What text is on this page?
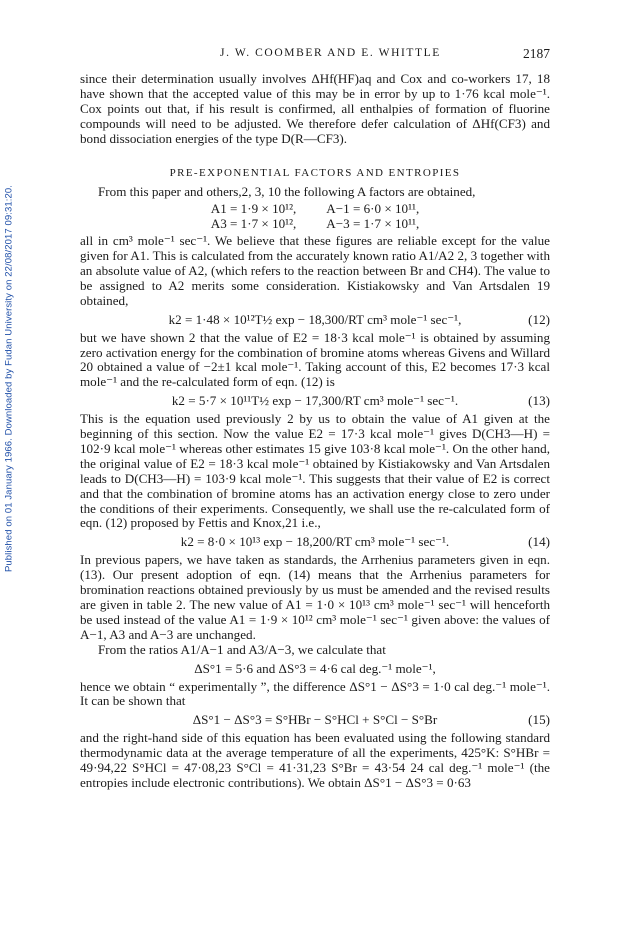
Published on 01 January 1966. Downloaded by Fudan University on 22/08/2017 09:31:20.
J. W. COOMBER AND E. WHITTLE	2187

since their determination usually involves ΔHf(HF)aq and Cox and co-workers 17, 18 have shown that the accepted value of this may be in error by up to 1·76 kcal mole⁻¹. Cox points out that, if his result is confirmed, all enthalpies of formation of fluorine compounds will need to be adjusted. We therefore defer calculation of ΔHf(CF3) and bond dissociation energies of the type D(R—CF3).

PRE-EXPONENTIAL FACTORS AND ENTROPIES

From this paper and others,2, 3, 10 the following A factors are obtained,

A1 = 1·9 × 10¹², A−1 = 6·0 × 10¹¹,
A3 = 1·7 × 10¹², A−3 = 1·7 × 10¹¹,

all in cm³ mole⁻¹ sec⁻¹. We believe that these figures are reliable except for the value given for A1. This is calculated from the accurately known ratio A1/A2 2, 3 together with an absolute value of A2, (which refers to the reaction between Br and CH4). The value to be assigned to A2 merits some consideration. Kistiakowsky and Van Artsdalen 19 obtained,

k2 = 1·48 × 10¹²T½ exp − 18,300/RT cm³ mole⁻¹ sec⁻¹,	(12)

but we have shown 2 that the value of E2 = 18·3 kcal mole⁻¹ is obtained by assuming zero activation energy for the combination of bromine atoms whereas Givens and Willard 20 obtained a value of −2±1 kcal mole⁻¹. Taking account of this, E2 becomes 17·3 kcal mole⁻¹ and the re-calculated form of eqn. (12) is

k2 = 5·7 × 10¹¹T½ exp − 17,300/RT cm³ mole⁻¹ sec⁻¹.	(13)

This is the equation used previously 2 by us to obtain the value of A1 given at the beginning of this section. Now the value E2 = 17·3 kcal mole⁻¹ gives D(CH3—H) = 102·9 kcal mole⁻¹ whereas other estimates 15 give 103·8 kcal mole⁻¹. On the other hand, the original value of E2 = 18·3 kcal mole⁻¹ obtained by Kistiakowsky and Van Artsdalen leads to D(CH3—H) = 103·9 kcal mole⁻¹. This suggests that their value of E2 is correct and that the combination of bromine atoms has an activation energy close to zero under the conditions of their experiments. Consequently, we shall use the re-calculated form of eqn. (12) proposed by Fettis and Knox,21 i.e.,

k2 = 8·0 × 10¹³ exp − 18,200/RT cm³ mole⁻¹ sec⁻¹.	(14)

In previous papers, we have taken as standards, the Arrhenius parameters given in eqn. (13). Our present adoption of eqn. (14) means that the Arrhenius parameters for bromination reactions obtained previously by us must be amended and the revised results are given in table 2. The new value of A1 = 1·0 × 10¹³ cm³ mole⁻¹ sec⁻¹ will henceforth be used instead of the value A1 = 1·9 × 10¹² cm³ mole⁻¹ sec⁻¹ given above: the values of A−1, A3 and A−3 are unchanged.

From the ratios A1/A−1 and A3/A−3, we calculate that

ΔS°1 = 5·6 and ΔS°3 = 4·6 cal deg.⁻¹ mole⁻¹,

hence we obtain “ experimentally ”, the difference ΔS°1 − ΔS°3 = 1·0 cal deg.⁻¹ mole⁻¹. It can be shown that

ΔS°1 − ΔS°3 = S°HBr − S°HCl + S°Cl − S°Br	(15)

and the right-hand side of this equation has been evaluated using the following standard thermodynamic data at the average temperature of all the experiments, 425°K: S°HBr = 49·94,22 S°HCl = 47·08,23 S°Cl = 41·31,23 S°Br = 43·54 24 cal deg.⁻¹ mole⁻¹ (the entropies include electronic contributions). We obtain ΔS°1 − ΔS°3 = 0·63
